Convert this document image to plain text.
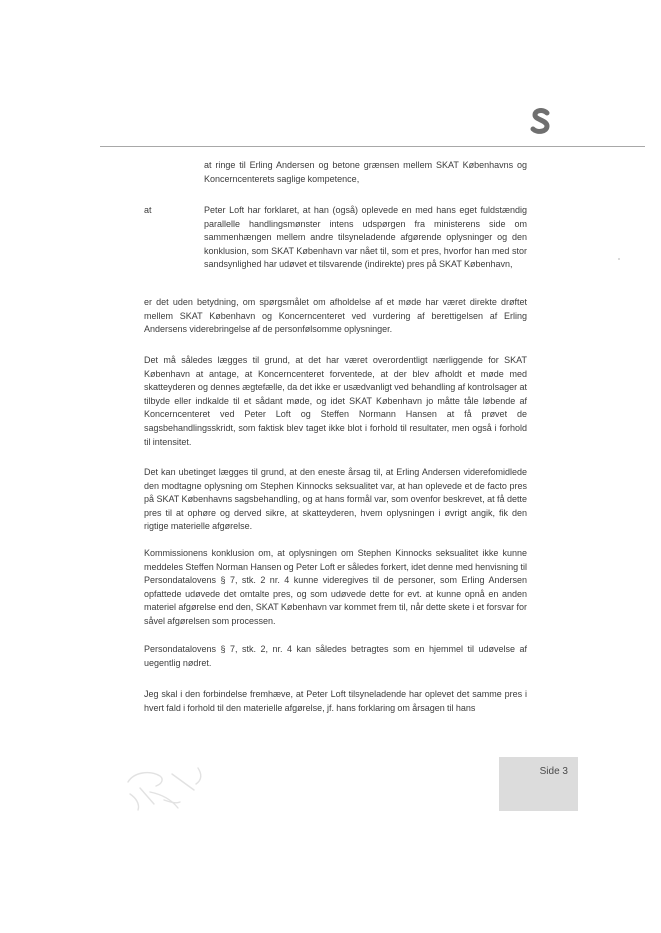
at ringe til Erling Andersen og betone grænsen mellem SKAT Københavns og Koncerncenterets saglige kompetence,
at	Peter Loft har forklaret, at han (også) oplevede en med hans eget fuldstændig parallelle handlingsmønster intens udspørgen fra ministerens side om sammenhængen mellem andre tilsyneladende afgørende oplysninger og den konklusion, som SKAT København var nået til, som et pres, hvorfor han med stor sandsynlighed har udøvet et tilsvarende (indirekte) pres på SKAT København,
er det uden betydning, om spørgsmålet om afholdelse af et møde har været direkte drøftet mellem SKAT København og Koncerncenteret ved vurdering af berettigelsen af Erling Andersens viderebringelse af de personfølsomme oplysninger.
Det må således lægges til grund, at det har været overordentligt nærliggende for SKAT København at antage, at Koncerncenteret forventede, at der blev afholdt et møde med skatteyderen og dennes ægtefælle, da det ikke er usædvanligt ved behandling af kontrolsager at tilbyde eller indkalde til et sådant møde, og idet SKAT København jo måtte tåle løbende af Koncerncenteret ved Peter Loft og Steffen Normann Hansen at få prøvet de sagsbehandlingsskridt, som faktisk blev taget ikke blot i forhold til resultater, men også i forhold til intensitet.
Det kan ubetinget lægges til grund, at den eneste årsag til, at Erling Andersen viderefomidlede den modtagne oplysning om Stephen Kinnocks seksualitet var, at han oplevede et de facto pres på SKAT Københavns sagsbehandling, og at hans formål var, som ovenfor beskrevet, at få dette pres til at ophøre og derved sikre, at skatteyderen, hvem oplysningen i øvrigt angik, fik den rigtige materielle afgørelse.
Kommissionens konklusion om, at oplysningen om Stephen Kinnocks seksualitet ikke kunne meddeles Steffen Norman Hansen og Peter Loft er således forkert, idet denne med henvisning til Persondatalovens § 7, stk. 2 nr. 4 kunne videregives til de personer, som Erling Andersen opfattede udøvede det omtalte pres, og som udøvede dette for evt. at kunne opnå en anden materiel afgørelse end den, SKAT København var kommet frem til, når dette skete i et forsvar for såvel afgørelsen som processen.
Persondatalovens § 7, stk. 2, nr. 4 kan således betragtes som en hjemmel til udøvelse af uegentlig nødret.
Jeg skal i den forbindelse fremhæve, at Peter Loft tilsyneladende har oplevet det samme pres i hvert fald i forhold til den materielle afgørelse, jf. hans forklaring om årsagen til hans
Side 3
